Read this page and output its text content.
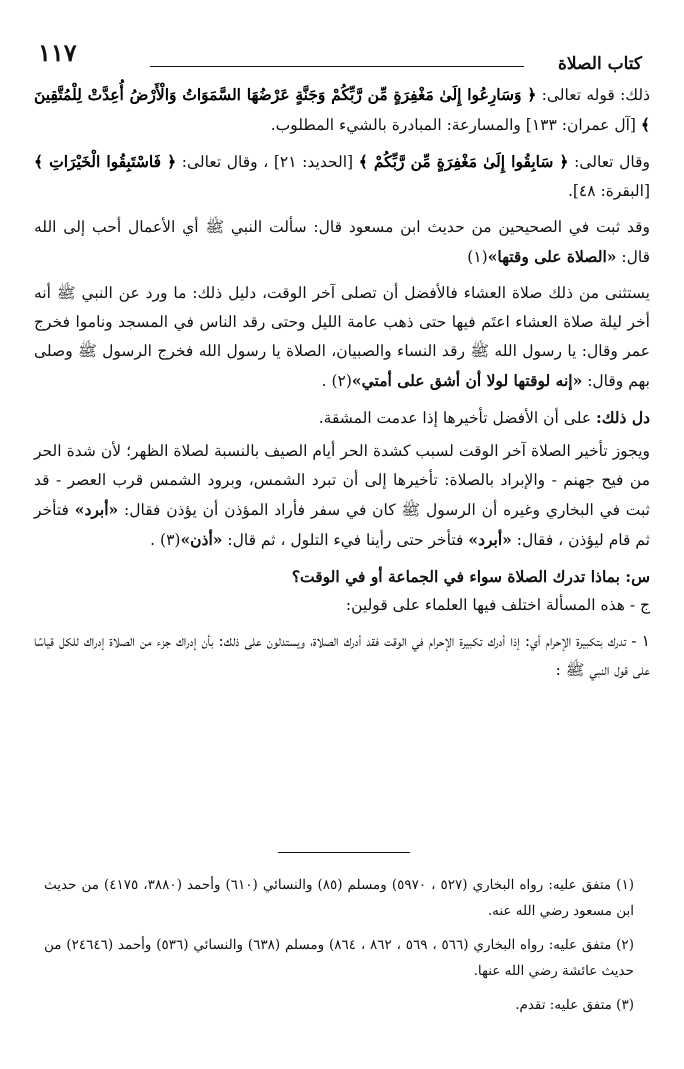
كتاب الصلاة
١١٧

ذلك: قوله تعالى: ﴿ وَسَارِعُوا إِلَىٰ مَغْفِرَةٍ مِّن رَّبِّكُمْ وَجَنَّةٍ عَرْضُهَا السَّمَوَاتُ وَالْأَرْضُ أُعِدَّتْ لِلْمُتَّقِينَ ﴾ [آل عمران: ١٣٣] والمسارعة: المبادرة بالشيء المطلوب.

وقال تعالى: ﴿ سَابِقُوا إِلَىٰ مَغْفِرَةٍ مِّن رَّبِّكُمْ ﴾ [الحديد: ٢١] ، وقال تعالى: ﴿ فَاسْتَبِقُوا الْخَيْرَاتِ ﴾ [البقرة: ٤٨].

وقد ثبت في الصحيحين من حديث ابن مسعود قال: سألت النبي ﷺ أي الأعمال أحب إلى الله قال: «الصلاة على وقتها»(١)

يستثنى من ذلك صلاة العشاء فالأفضل أن تصلى آخر الوقت، دليل ذلك: ما ورد عن النبي ﷺ أنه أخر ليلة صلاة العشاء اعتَم فيها حتى ذهب عامة الليل وحتى رقد الناس في المسجد وناموا فخرج عمر وقال: يا رسول الله ﷺ رقد النساء والصبيان، الصلاة يا رسول الله فخرج الرسول ﷺ وصلى بهم وقال: «إنه لوقتها لولا أن أشق على أمتي»(٢) .

دل ذلك: على أن الأفضل تأخيرها إذا عدمت المشقة.

ويجوز تأخير الصلاة آخر الوقت لسبب كشدة الحر أيام الصيف بالنسبة لصلاة الظهر؛ لأن شدة الحر من فيح جهنم - والإبراد بالصلاة: تأخيرها إلى أن تبرد الشمس، وبرود الشمس قرب العصر - قد ثبت في البخاري وغيره أن الرسول ﷺ كان في سفر فأراد المؤذن أن يؤذن فقال: «أبرد» فتأخر ثم قام ليؤذن ، فقال: «أبرد» فتأخر حتى رأينا فيء التلول ، ثم قال: «أذن»(٣) .

س: بماذا تدرك الصلاة سواء في الجماعة أو في الوقت؟

ج - هذه المسألة اختلف فيها العلماء على قولين:

١ - تدرك بتكبيرة الإحرام أي: إذا أدرك تكبيرة الإحرام في الوقت فقد أدرك الصلاة، ويستدلون على ذلك: بأن إدراك جزء من الصلاة إدراك للكل قياسًا على قول النبي ﷺ :

(١) متفق عليه: رواه البخاري (٥٢٧ ، ٥٩٧٠) ومسلم (٨٥) والنسائي (٦١٠) وأحمد (٣٨٨٠، ٤١٧٥) من حديث ابن مسعود رضي الله عنه.

(٢) متفق عليه: رواه البخاري (٥٦٦ ، ٥٦٩ ، ٨٦٢ ، ٨٦٤) ومسلم (٦٣٨) والنسائي (٥٣٦) وأحمد (٢٤٦٤٦) من حديث عائشة رضي الله عنها.

(٣) متفق عليه: تقدم.
